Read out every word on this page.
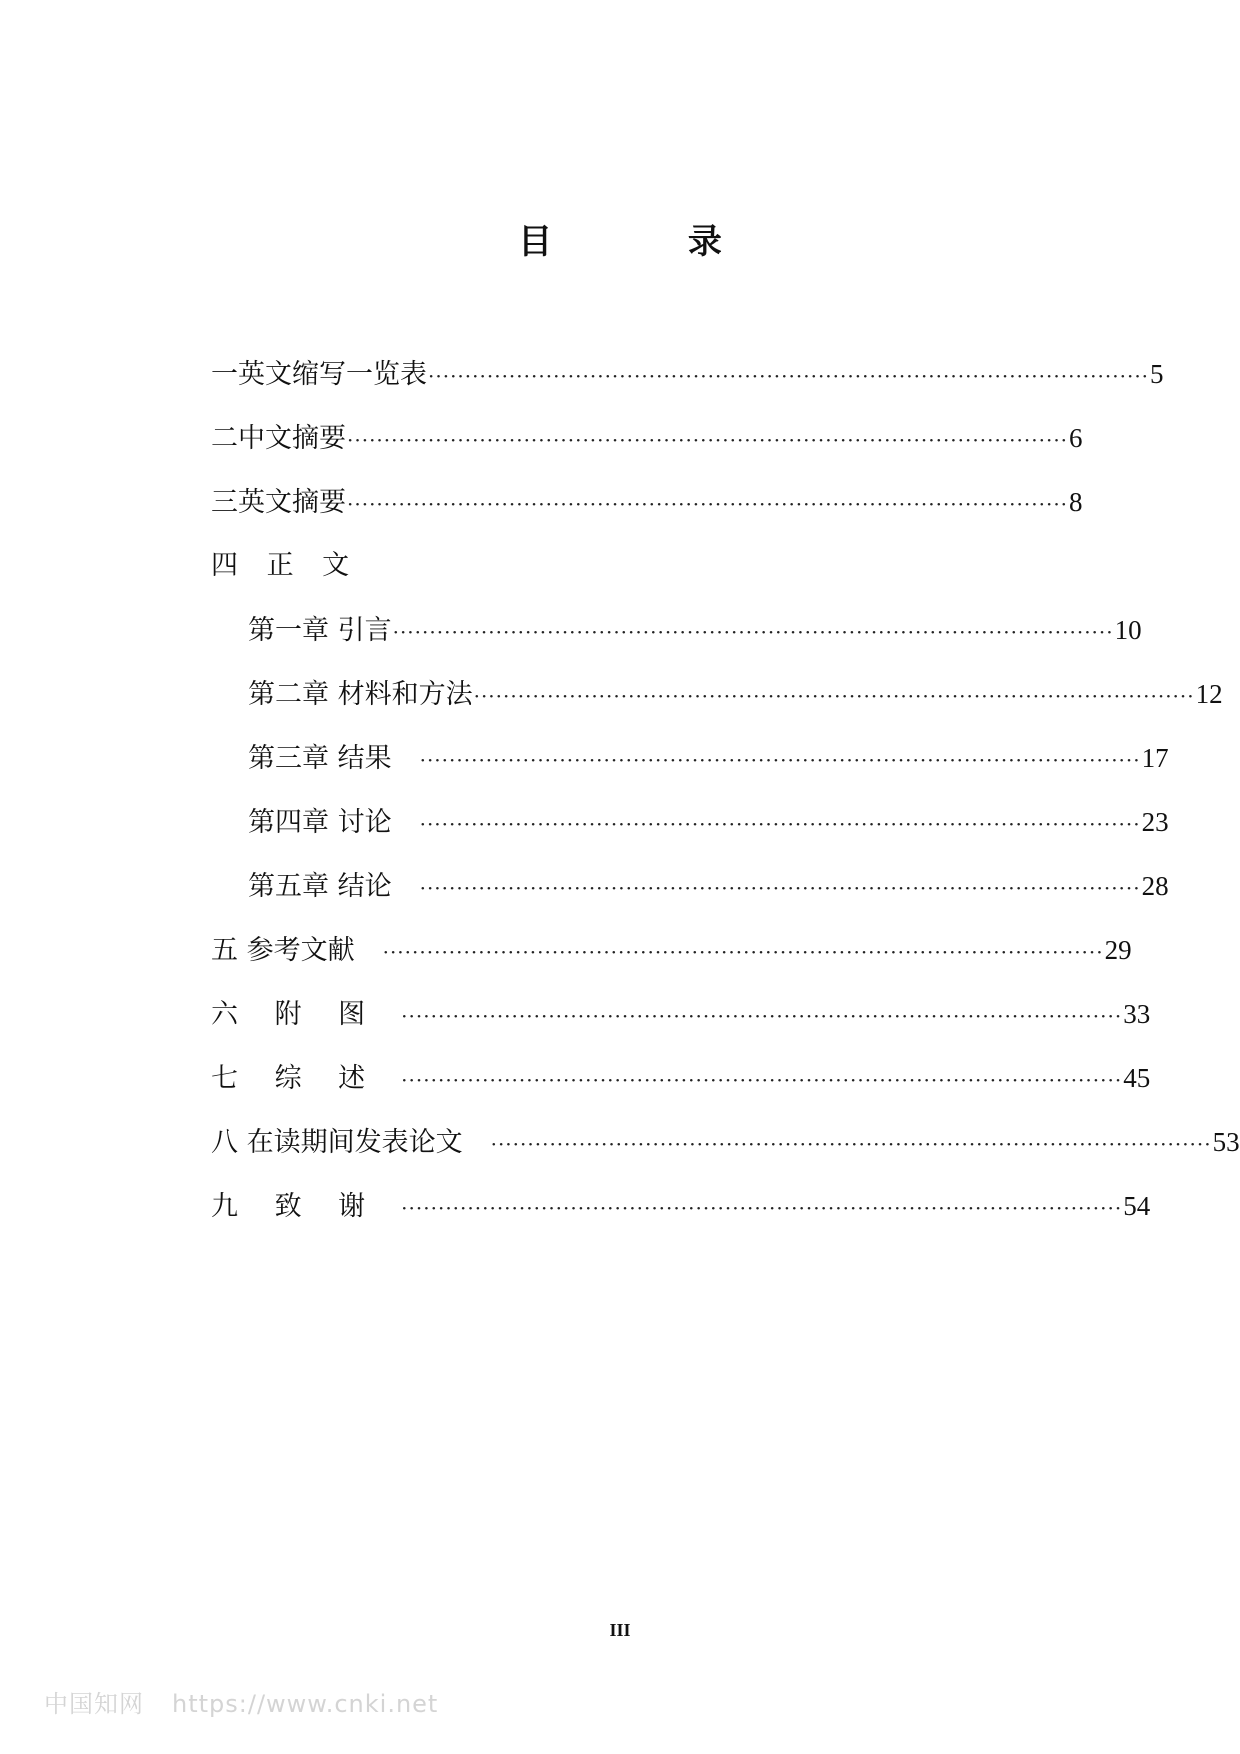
目 录
一英文缩写一览表 ·································································································· 5
二中文摘要 ·································································································· 6
三英文摘要 ·································································································· 8
四 正 文
第一章 引言 ·································································································· 10
第二章 材料和方法 ·································································································· 12
第三章 结果 ·································································································· 17
第四章 讨论 ·································································································· 23
第五章 结论 ·································································································· 28
五 参考文献 ·································································································· 29
六 附 图 ·································································································· 33
七 综 述 ·································································································· 45
八 在读期间发表论文 ·································································································· 53
九 致 谢 ·································································································· 54
III
中国知网 https://www.cnki.net
